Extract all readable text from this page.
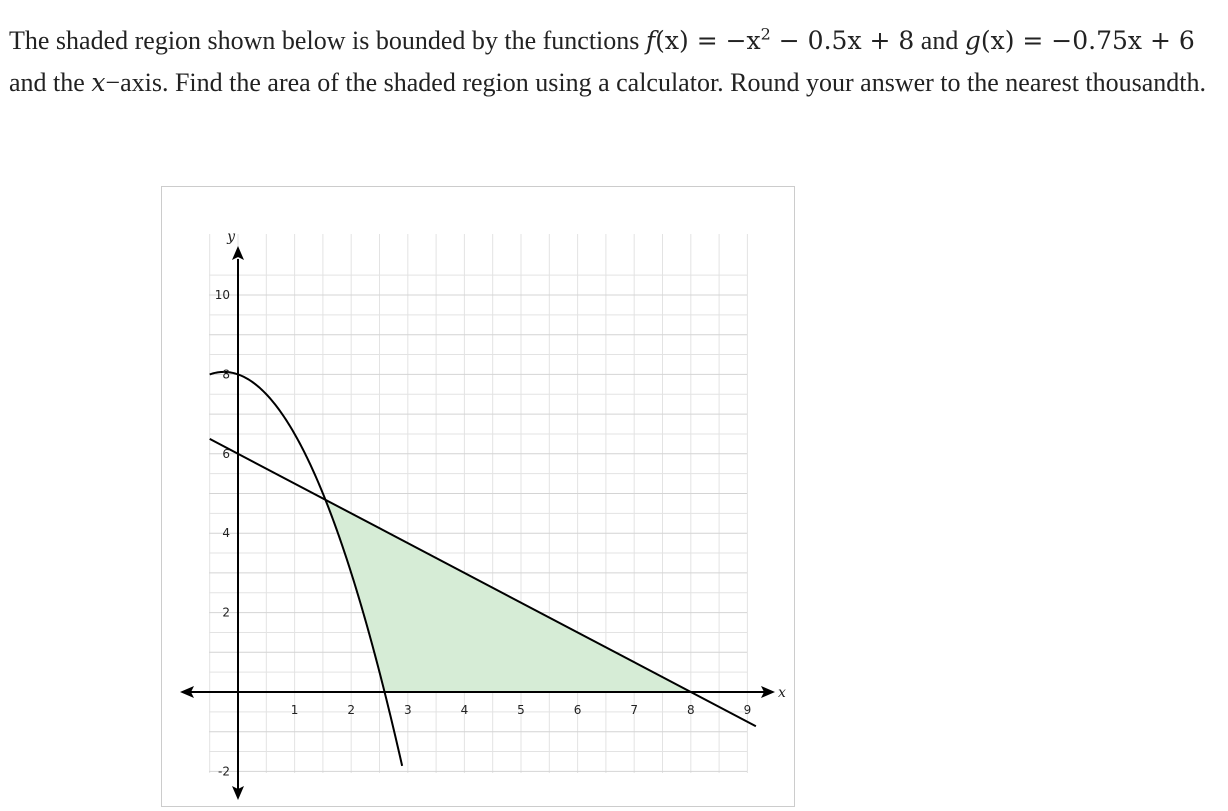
The shaded region shown below is bounded by the functions $f(x) = -x^2 - 0.5x + 8$ and g(x) = −0.75x + 6 and the x−axis. Find the area of the shaded region using a calculator. Round your answer to the nearest thousandth.

1	2	3	4	5	6	7	8	9
-2
2
4
6
8
10
x
y
